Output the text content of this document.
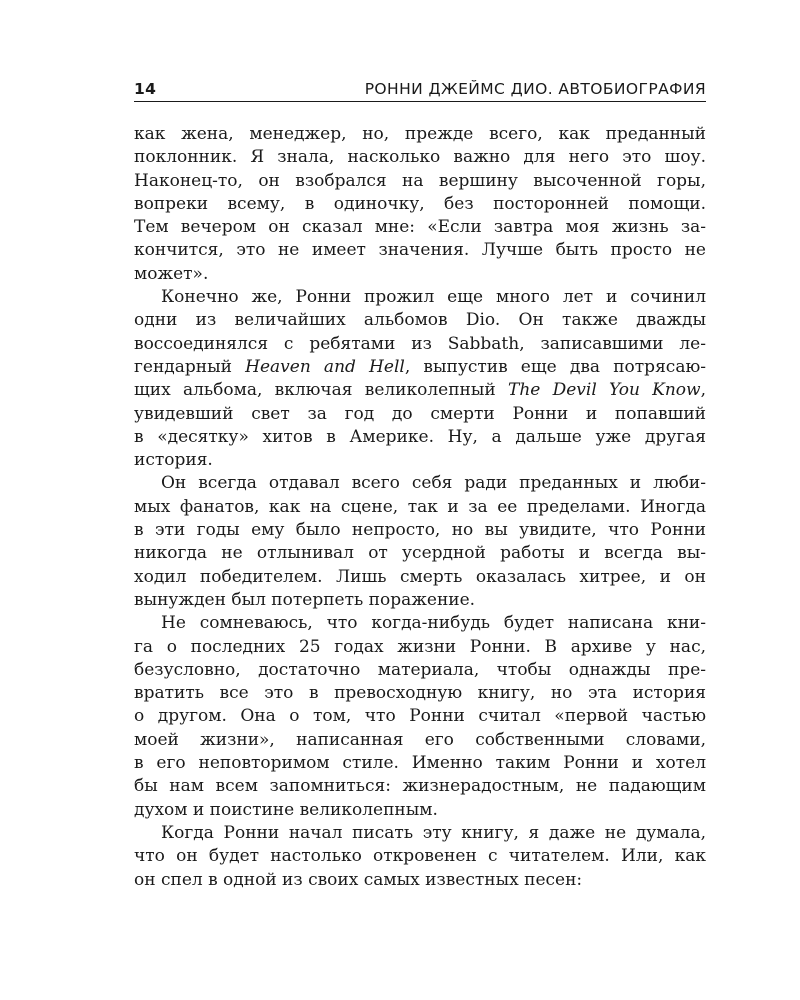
14	РОННИ ДЖЕЙМС ДИО. АВТОБИОГРАФИЯ
как жена, менеджер, но, прежде всего, как преданный
поклонник. Я знала, насколько важно для него это шоу.
Наконец-то, он взобрался на вершину высоченной горы,
вопреки всему, в одиночку, без посторонней помощи.
Тем вечером он сказал мне: «Если завтра моя жизнь за-
кончится, это не имеет значения. Лучше быть просто не
может».
Конечно же, Ронни прожил еще много лет и сочинил
одни из величайших альбомов Dio. Он также дважды
воссоединялся с ребятами из Sabbath, записавшими ле-
гендарный Heaven and Hell, выпустив еще два потрясаю-
щих альбома, включая великолепный The Devil You Know,
увидевший свет за год до смерти Ронни и попавший
в «десятку» хитов в Америке. Ну, а дальше уже другая
история.
Он всегда отдавал всего себя ради преданных и люби-
мых фанатов, как на сцене, так и за ее пределами. Иногда
в эти годы ему было непросто, но вы увидите, что Ронни
никогда не отлынивал от усердной работы и всегда вы-
ходил победителем. Лишь смерть оказалась хитрее, и он
вынужден был потерпеть поражение.
Не сомневаюсь, что когда-нибудь будет написана кни-
га о последних 25 годах жизни Ронни. В архиве у нас,
безусловно, достаточно материала, чтобы однажды пре-
вратить все это в превосходную книгу, но эта история
о другом. Она о том, что Ронни считал «первой частью
моей жизни», написанная его собственными словами,
в его неповторимом стиле. Именно таким Ронни и хотел
бы нам всем запомниться: жизнерадостным, не падающим
духом и поистине великолепным.
Когда Ронни начал писать эту книгу, я даже не думала,
что он будет настолько откровенен с читателем. Или, как
он спел в одной из своих самых известных песен:
